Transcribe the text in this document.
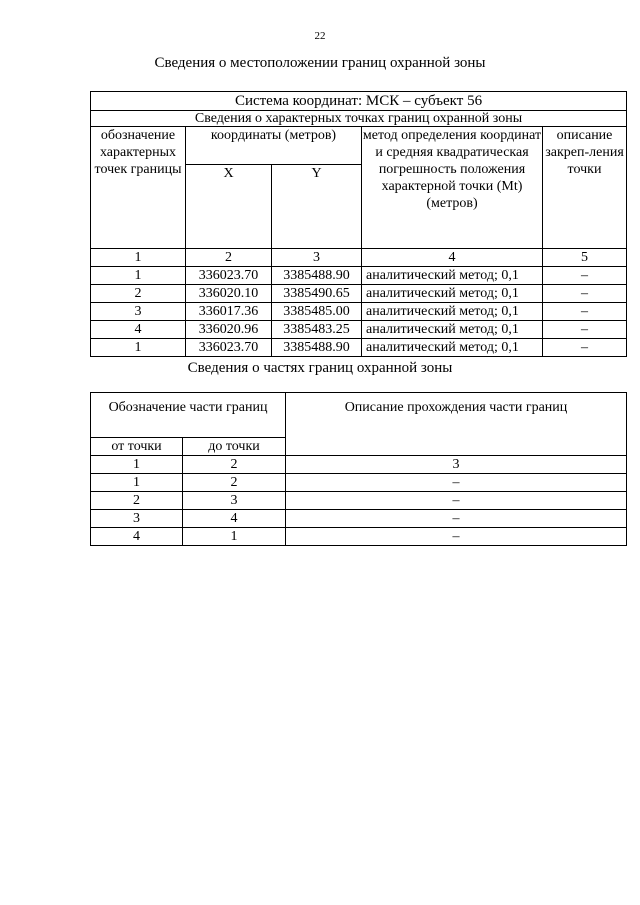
22
Сведения о местоположении границ охранной зоны
Система координат: МСК – субъект 56				
Сведения о характерных точках границ охранной зоны				
обозначение характерных точек границы	координаты (метров)		метод определения координат и средняя квадратическая погрешность положения характерной точки (Mt) (метров)	описание закреп-ления точки
	X	Y		
1	2	3	4	5
1	336023.70	3385488.90	аналитический метод; 0,1	–
2	336020.10	3385490.65	аналитический метод; 0,1	–
3	336017.36	3385485.00	аналитический метод; 0,1	–
4	336020.96	3385483.25	аналитический метод; 0,1	–
1	336023.70	3385488.90	аналитический метод; 0,1	–
Сведения о частях границ охранной зоны
Обозначение части границ		Описание прохождения части границ
от точки	до точки	
1	2	3
1	2	–
2	3	–
3	4	–
4	1	–
